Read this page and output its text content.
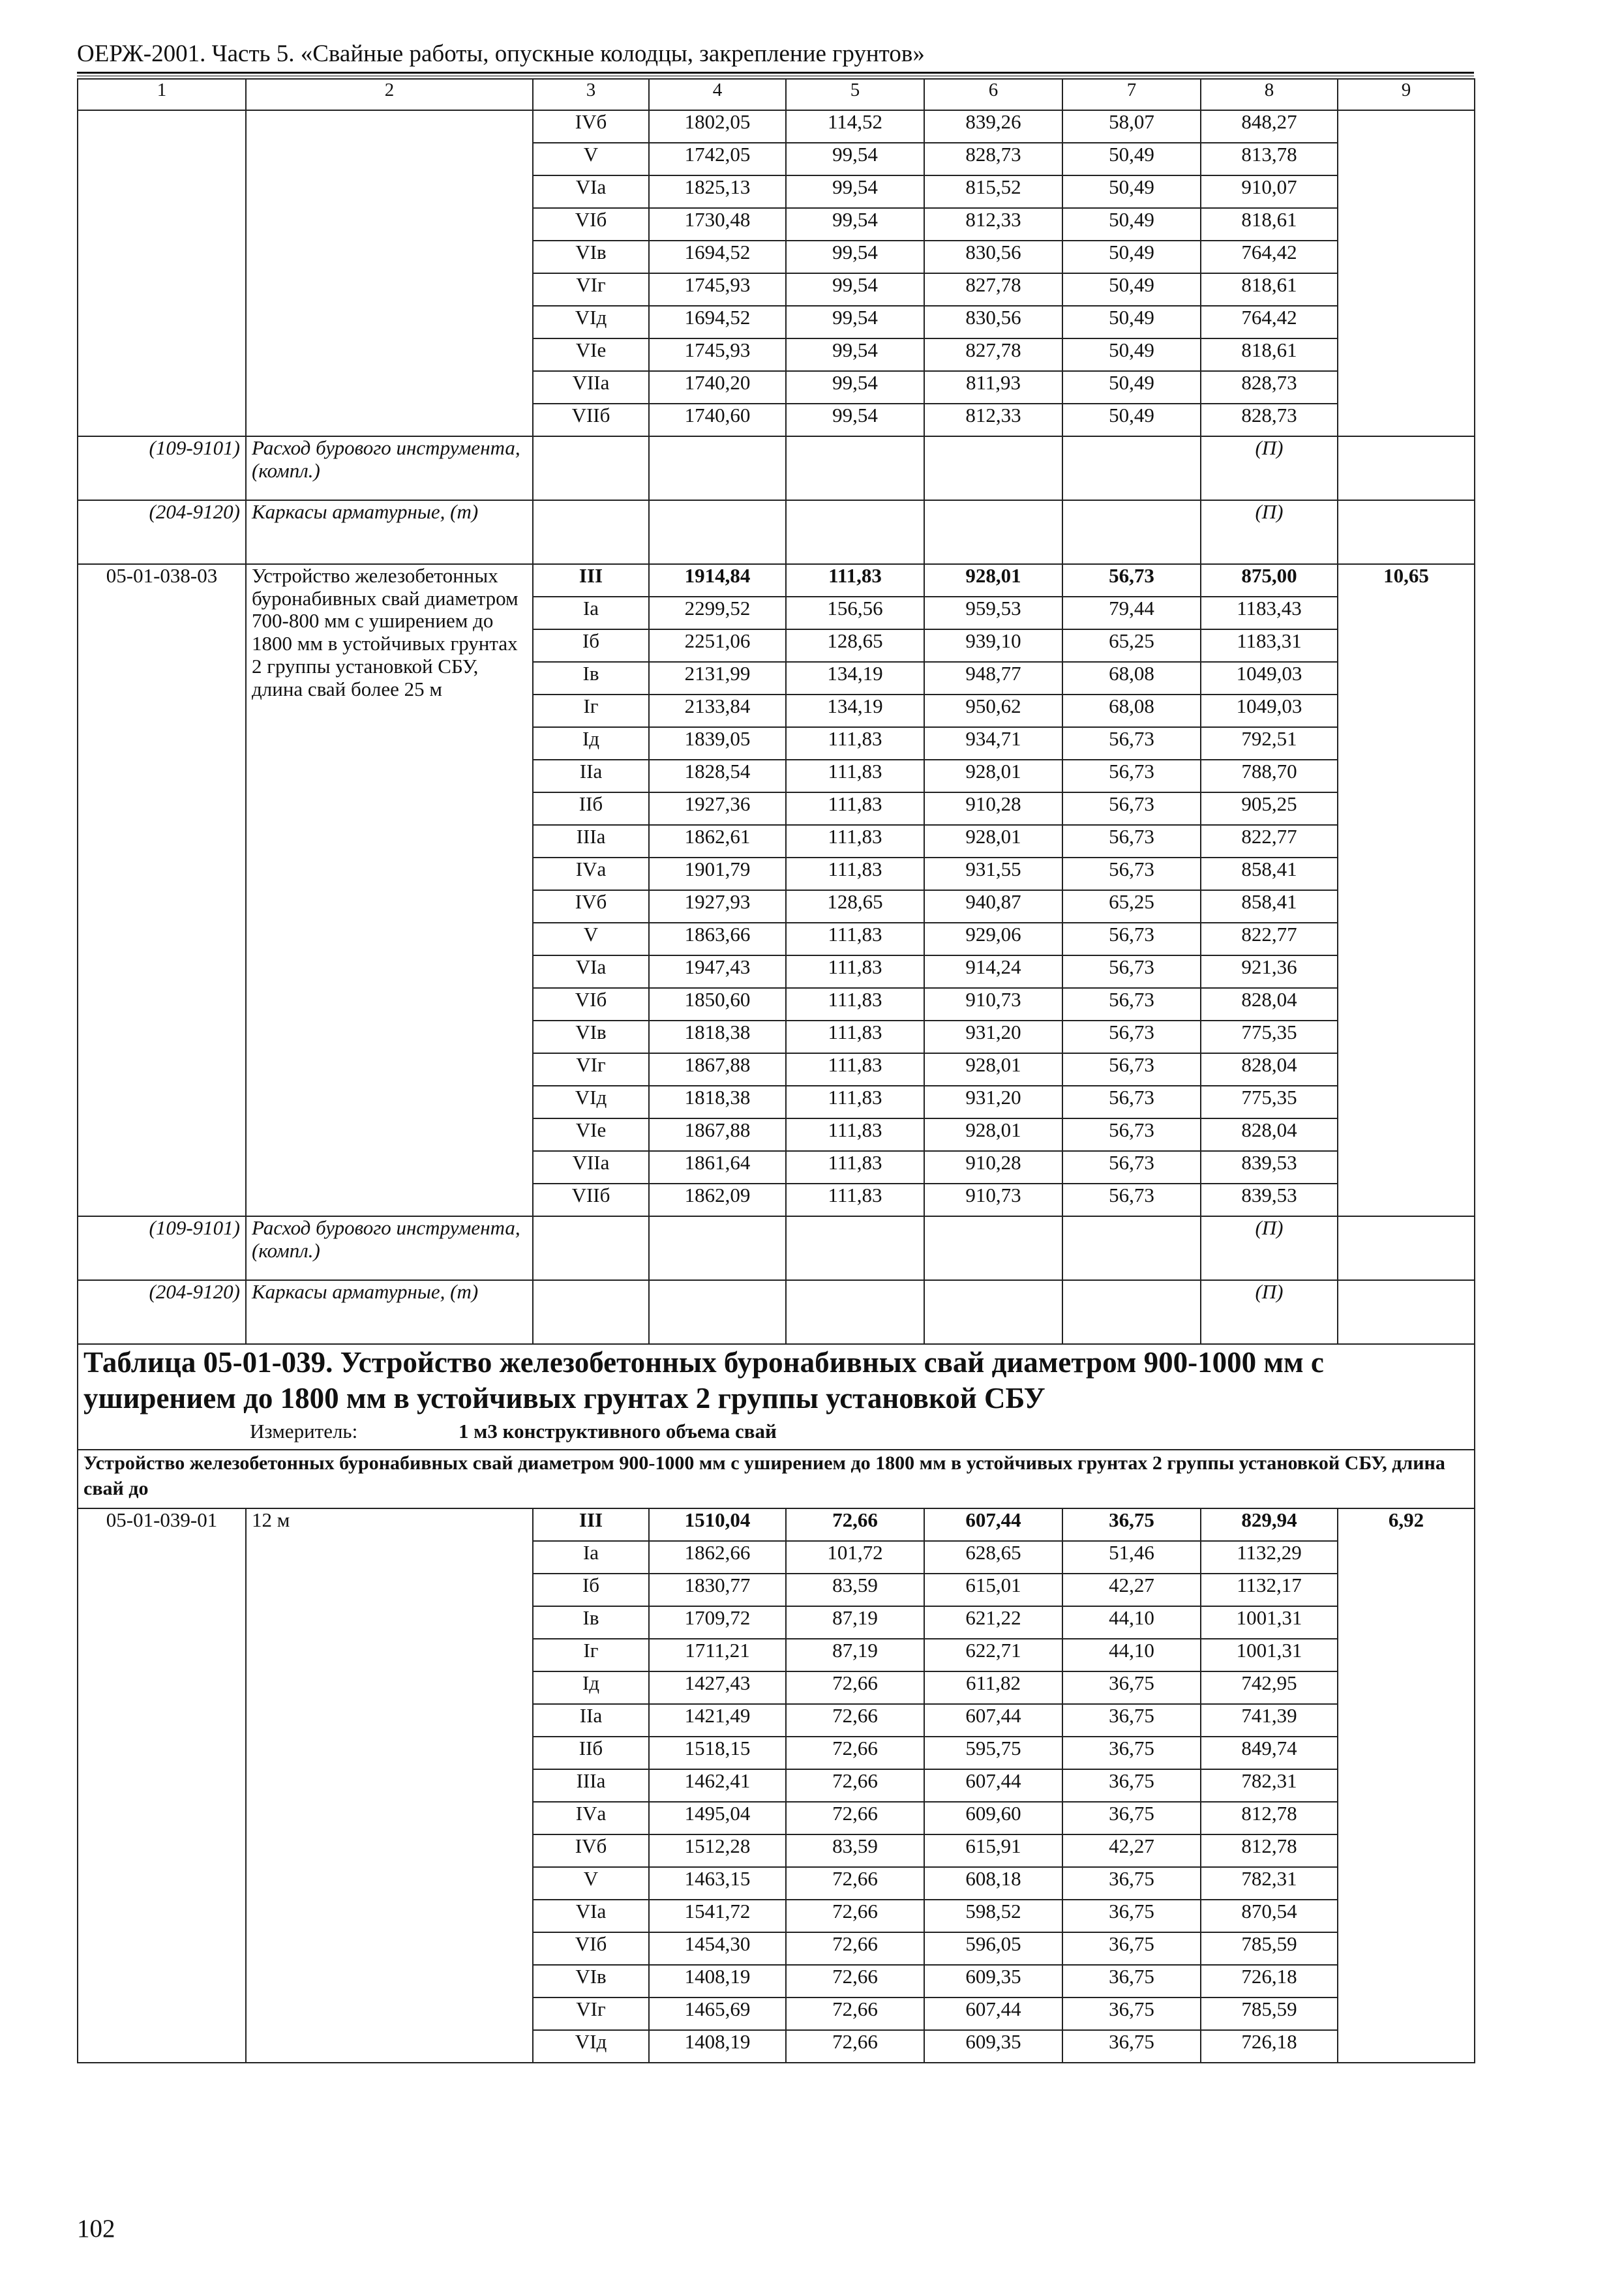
ОЕРЖ-2001. Часть 5. «Свайные работы, опускные колодцы, закрепление грунтов»
1	2	3	4	5	6	7	8	9
		IVб	1802,05	114,52	839,26	58,07	848,27	
		V	1742,05	99,54	828,73	50,49	813,78	
		VIа	1825,13	99,54	815,52	50,49	910,07	
		VIб	1730,48	99,54	812,33	50,49	818,61	
		VIв	1694,52	99,54	830,56	50,49	764,42	
		VIг	1745,93	99,54	827,78	50,49	818,61	
		VIд	1694,52	99,54	830,56	50,49	764,42	
		VIе	1745,93	99,54	827,78	50,49	818,61	
		VIIа	1740,20	99,54	811,93	50,49	828,73	
		VIIб	1740,60	99,54	812,33	50,49	828,73	
(109-9101)	Расход бурового инструмента, (компл.)						(П)	
(204-9120)	Каркасы арматурные, (т)						(П)	
05-01-038-03	Устройство железобетонных буронабивных свай диаметром 700-800 мм с уширением до 1800 мм в устойчивых грунтах 2 группы установкой СБУ, длина свай более 25 м	III	1914,84	111,83	928,01	56,73	875,00	10,65
		Iа	2299,52	156,56	959,53	79,44	1183,43	
		Iб	2251,06	128,65	939,10	65,25	1183,31	
		Iв	2131,99	134,19	948,77	68,08	1049,03	
		Iг	2133,84	134,19	950,62	68,08	1049,03	
		Iд	1839,05	111,83	934,71	56,73	792,51	
		IIа	1828,54	111,83	928,01	56,73	788,70	
		IIб	1927,36	111,83	910,28	56,73	905,25	
		IIIа	1862,61	111,83	928,01	56,73	822,77	
		IVа	1901,79	111,83	931,55	56,73	858,41	
		IVб	1927,93	128,65	940,87	65,25	858,41	
		V	1863,66	111,83	929,06	56,73	822,77	
		VIа	1947,43	111,83	914,24	56,73	921,36	
		VIб	1850,60	111,83	910,73	56,73	828,04	
		VIв	1818,38	111,83	931,20	56,73	775,35	
		VIг	1867,88	111,83	928,01	56,73	828,04	
		VIд	1818,38	111,83	931,20	56,73	775,35	
		VIе	1867,88	111,83	928,01	56,73	828,04	
		VIIа	1861,64	111,83	910,28	56,73	839,53	
		VIIб	1862,09	111,83	910,73	56,73	839,53	
(109-9101)	Расход бурового инструмента, (компл.)						(П)	
(204-9120)	Каркасы арматурные, (т)						(П)	

Таблица 05-01-039. Устройство железобетонных буронабивных свай диаметром 900-1000 мм с уширением до 1800 мм в устойчивых грунтах 2 группы установкой СБУ
Измеритель: 1 м3 конструктивного объема свай								

Устройство железобетонных буронабивных свай диаметром 900-1000 мм с уширением до 1800 мм в устойчивых грунтах 2 группы установкой СБУ, длина свай до								
05-01-039-01	12 м	III	1510,04	72,66	607,44	36,75	829,94	6,92
		Iа	1862,66	101,72	628,65	51,46	1132,29	
		Iб	1830,77	83,59	615,01	42,27	1132,17	
		Iв	1709,72	87,19	621,22	44,10	1001,31	
		Iг	1711,21	87,19	622,71	44,10	1001,31	
		Iд	1427,43	72,66	611,82	36,75	742,95	
		IIа	1421,49	72,66	607,44	36,75	741,39	
		IIб	1518,15	72,66	595,75	36,75	849,74	
		IIIа	1462,41	72,66	607,44	36,75	782,31	
		IVа	1495,04	72,66	609,60	36,75	812,78	
		IVб	1512,28	83,59	615,91	42,27	812,78	
		V	1463,15	72,66	608,18	36,75	782,31	
		VIа	1541,72	72,66	598,52	36,75	870,54	
		VIб	1454,30	72,66	596,05	36,75	785,59	
		VIв	1408,19	72,66	609,35	36,75	726,18	
		VIг	1465,69	72,66	607,44	36,75	785,59	
		VIд	1408,19	72,66	609,35	36,75	726,18	
102
